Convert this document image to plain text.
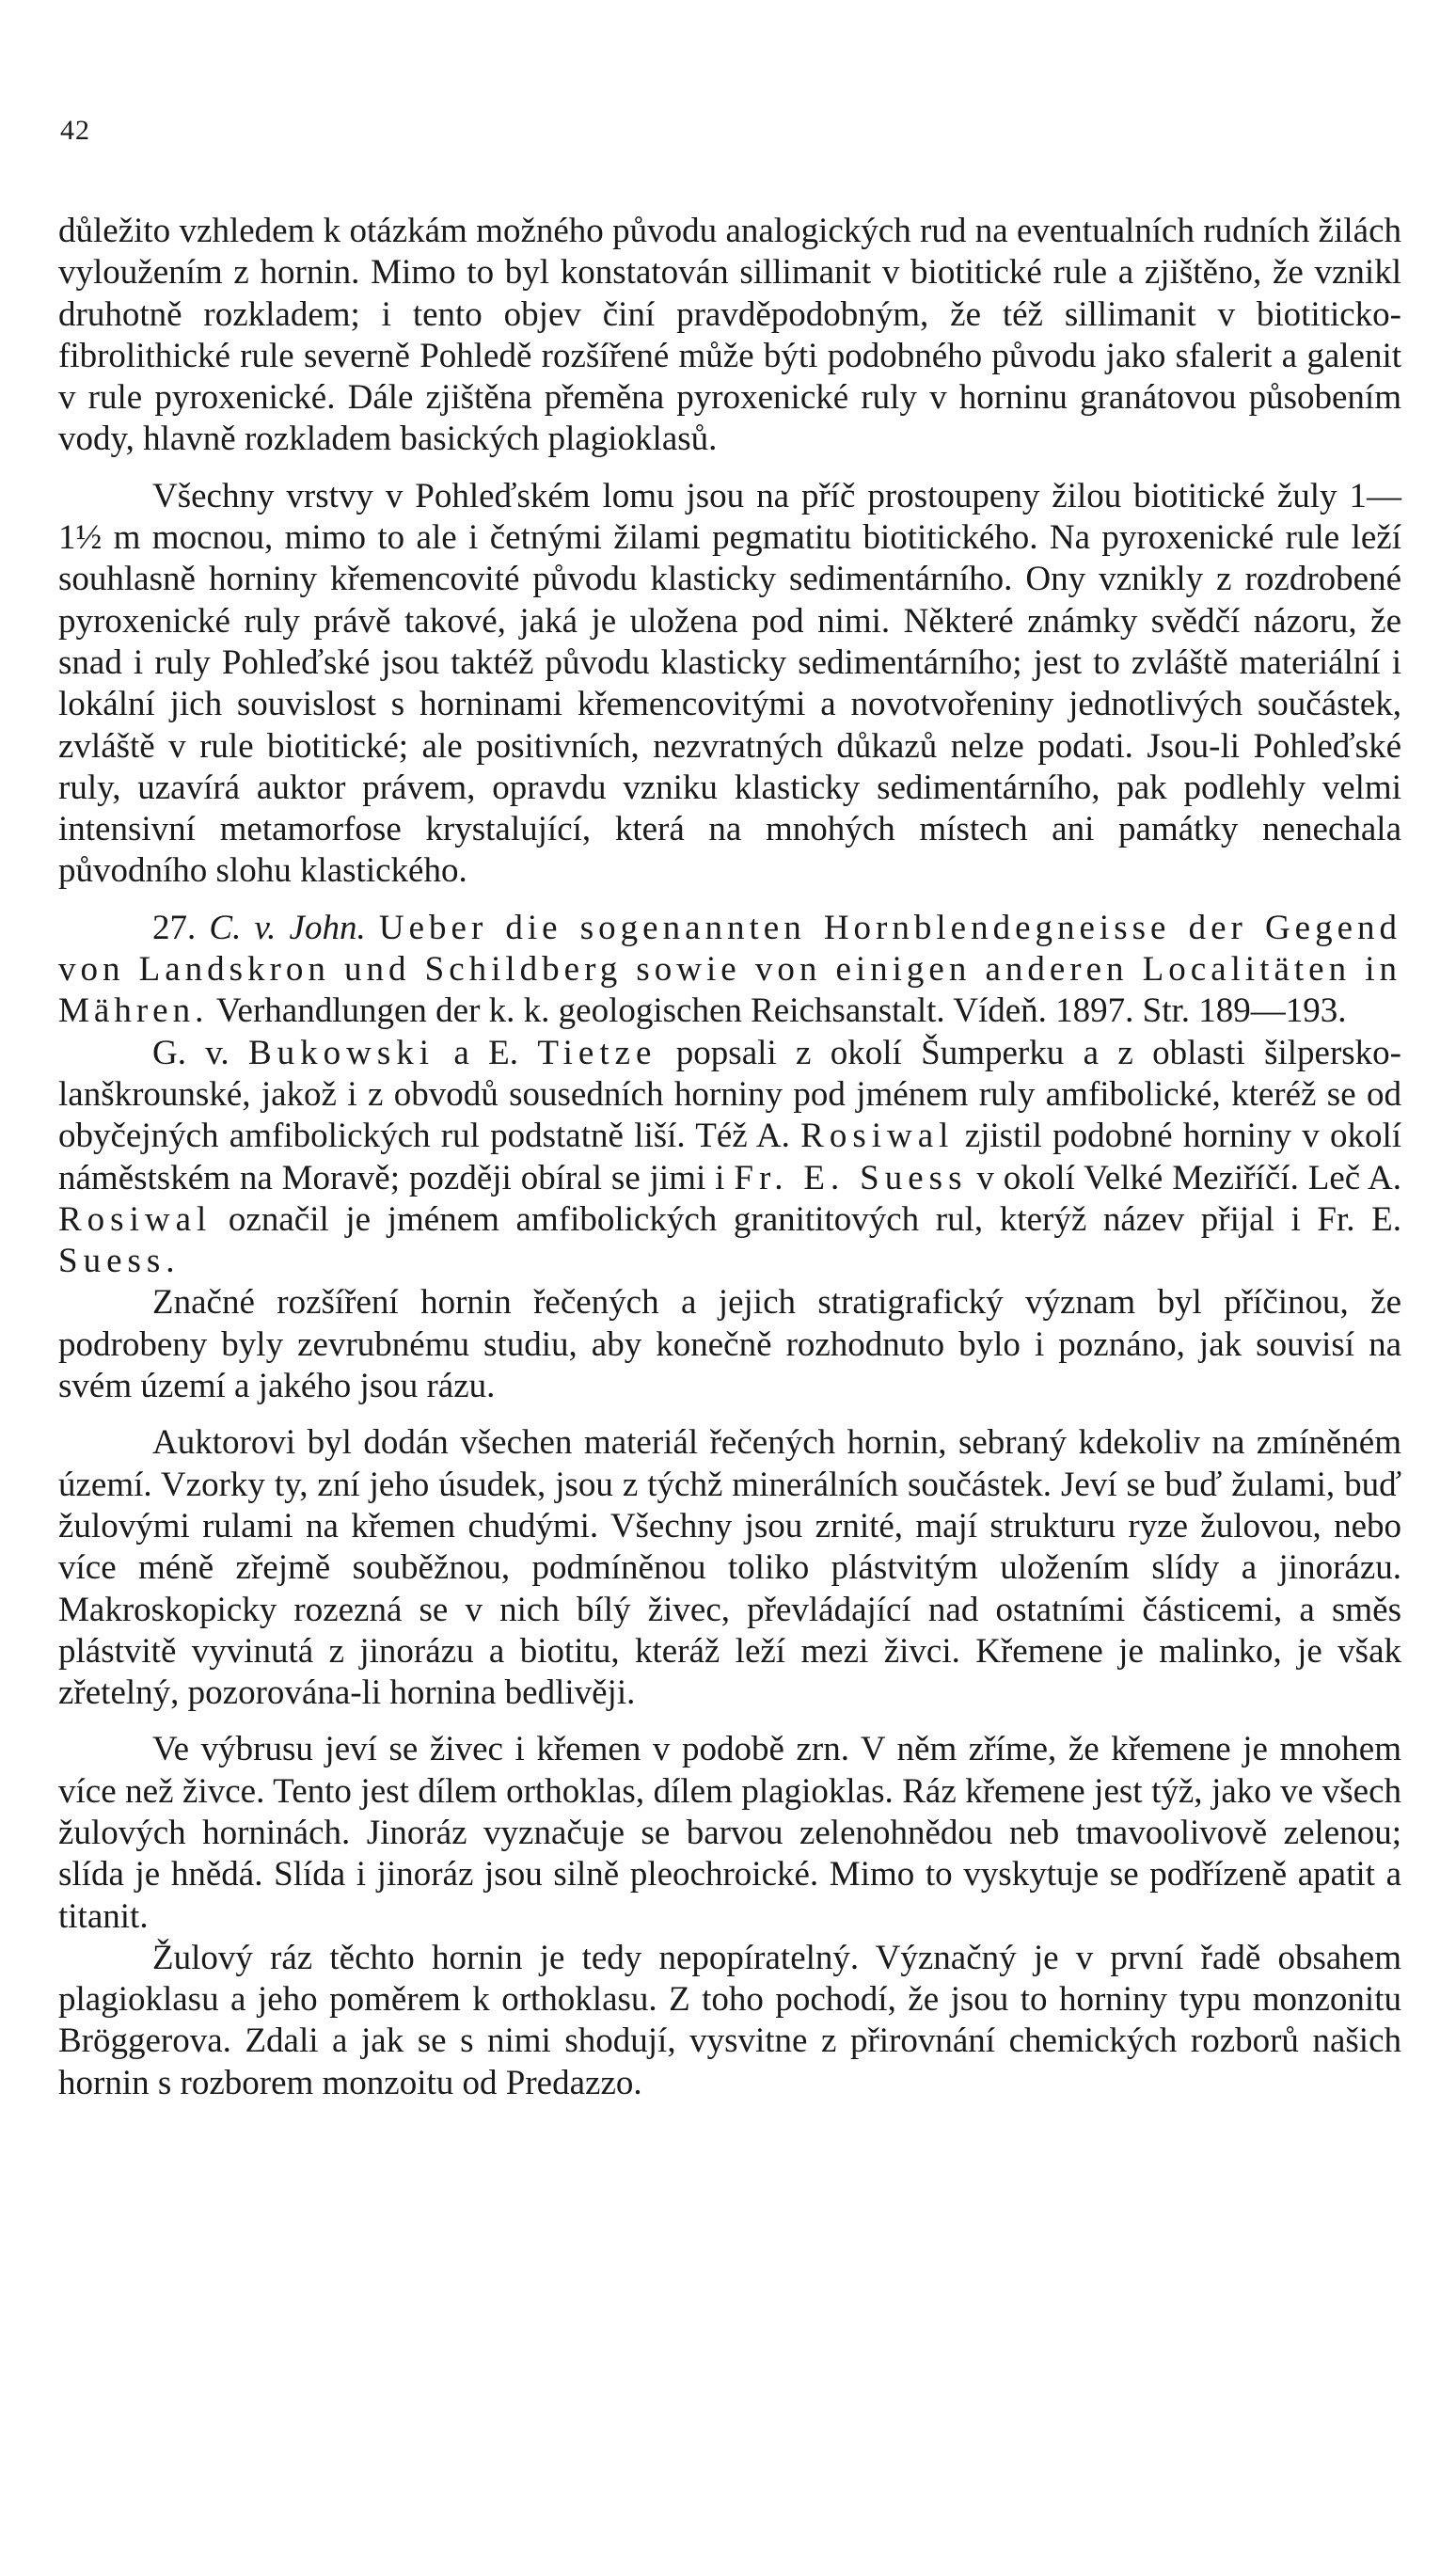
42

důležito vzhledem k otázkám možného původu analogických rud na eventualních rudních žilách vyloužením z hornin. Mimo to byl konstatován sillimanit v biotitické rule a zjištěno, že vznikl druhotně rozkladem; i tento objev činí pravděpodobným, že též sillimanit v biotiticko-fibrolithické rule severně Pohledě rozšířené může býti podobného původu jako sfalerit a galenit v rule pyroxenické. Dále zjištěna přeměna pyroxenické ruly v horninu granátovou působením vody, hlavně rozkladem basických plagioklasů.

Všechny vrstvy v Pohleďském lomu jsou na příč prostoupeny žilou biotitické žuly 1—1½ m mocnou, mimo to ale i četnými žilami pegmatitu biotitického. Na pyroxenické rule leží souhlasně horniny křemencovité původu klasticky sedimentárního. Ony vznikly z rozdrobené pyroxenické ruly právě takové, jaká je uložena pod nimi. Některé známky svědčí názoru, že snad i ruly Pohleďské jsou taktéž původu klasticky sedimentárního; jest to zvláště materiální i lokální jich souvislost s horninami křemencovitými a novotvořeniny jednotlivých součástek, zvláště v rule biotitické; ale positivních, nezvratných důkazů nelze podati. Jsou-li Pohleďské ruly, uzavírá auktor právem, opravdu vzniku klasticky sedimentárního, pak podlehly velmi intensivní metamorfose krystalující, která na mnohých místech ani památky nenechala původního slohu klastického.

27. C. v. John. Ueber die sogenannten Hornblendegneisse der Gegend von Landskron und Schildberg sowie von einigen anderen Localitäten in Mähren. Verhandlungen der k. k. geologischen Reichsanstalt. Vídeň. 1897. Str. 189—193.

G. v. Bukowski a E. Tietze popsali z okolí Šumperku a z oblasti šilpersko-lanškrounské, jakož i z obvodů sousedních horniny pod jménem ruly amfibolické, kteréž se od obyčejných amfibolických rul podstatně liší. Též A. Rosiwal zjistil podobné horniny v okolí náměstském na Moravě; později obíral se jimi i Fr. E. Suess v okolí Velké Meziříčí. Leč A. Rosiwal označil je jménem amfibolických granititových rul, kterýž název přijal i Fr. E. Suess.

Značné rozšíření hornin řečených a jejich stratigrafický význam byl příčinou, že podrobeny byly zevrubnému studiu, aby konečně rozhodnuto bylo i poznáno, jak souvisí na svém území a jakého jsou rázu.

Auktorovi byl dodán všechen materiál řečených hornin, sebraný kdekoliv na zmíněném území. Vzorky ty, zní jeho úsudek, jsou z týchž minerálních součástek. Jeví se buď žulami, buď žulovými rulami na křemen chudými. Všechny jsou zrnité, mají strukturu ryze žulovou, nebo více méně zřejmě souběžnou, podmíněnou toliko plástvitým uložením slídy a jinorázu. Makroskopicky rozezná se v nich bílý živec, převládající nad ostatními částicemi, a směs plástvitě vyvinutá z jinorázu a biotitu, kteráž leží mezi živci. Křemene je malinko, je však zřetelný, pozorována-li hornina bedlivěji.

Ve výbrusu jeví se živec i křemen v podobě zrn. V něm zříme, že křemene je mnohem více než živce. Tento jest dílem orthoklas, dílem plagioklas. Ráz křemene jest týž, jako ve všech žulových horninách. Jinoráz vyznačuje se barvou zelenohnědou neb tmavoolivově zelenou; slída je hnědá. Slída i jinoráz jsou silně pleochroické. Mimo to vyskytuje se podřízeně apatit a titanit.

Žulový ráz těchto hornin je tedy nepopíratelný. Význačný je v první řadě obsahem plagioklasu a jeho poměrem k orthoklasu. Z toho pochodí, že jsou to horniny typu monzonitu Bröggerova. Zdali a jak se s nimi shodují, vysvitne z přirovnání chemických rozborů našich hornin s rozborem monzoitu od Predazzo.
